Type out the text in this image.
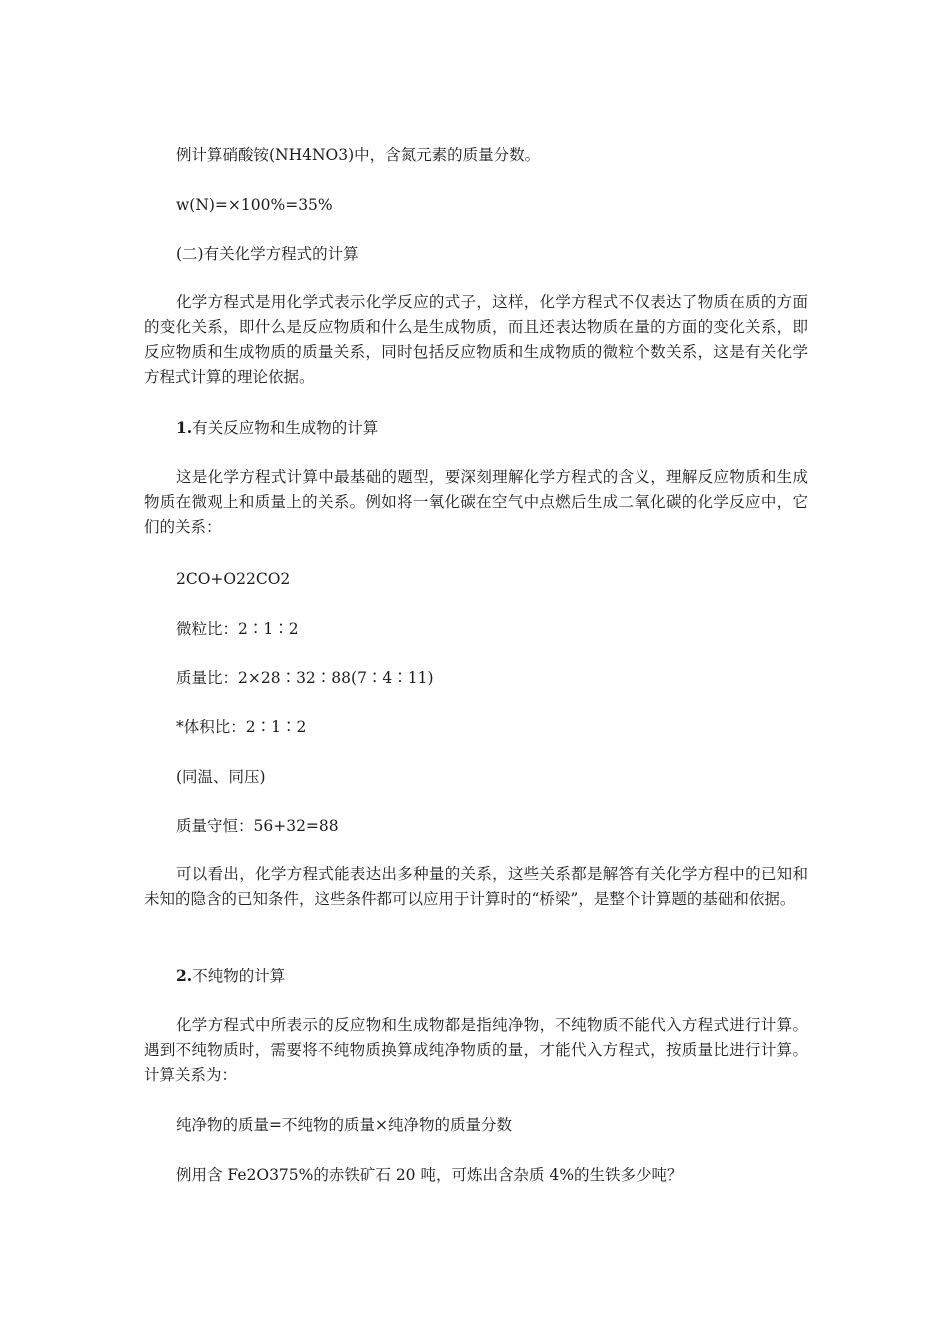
例计算硝酸铵(NH4NO3)中，含氮元素的质量分数。
w(N)=×100%=35%
(二)有关化学方程式的计算
化学方程式是用化学式表示化学反应的式子，这样，化学方程式不仅表达了物质在质的方面的变化关系，即什么是反应物质和什么是生成物质，而且还表达物质在量的方面的变化关系，即反应物质和生成物质的质量关系，同时包括反应物质和生成物质的微粒个数关系，这是有关化学方程式计算的理论依据。
1.有关反应物和生成物的计算
这是化学方程式计算中最基础的题型，要深刻理解化学方程式的含义，理解反应物质和生成物质在微观上和质量上的关系。例如将一氧化碳在空气中点燃后生成二氧化碳的化学反应中，它们的关系：
2CO+O22CO2
微粒比：2∶1∶2
质量比：2×28∶32∶88(7∶4∶11)
*体积比：2∶1∶2
(同温、同压)
质量守恒：56+32=88
可以看出，化学方程式能表达出多种量的关系，这些关系都是解答有关化学方程中的已知和未知的隐含的已知条件，这些条件都可以应用于计算时的“桥梁”，是整个计算题的基础和依据。
2.不纯物的计算
化学方程式中所表示的反应物和生成物都是指纯净物，不纯物质不能代入方程式进行计算。遇到不纯物质时，需要将不纯物质换算成纯净物质的量，才能代入方程式，按质量比进行计算。计算关系为：
纯净物的质量=不纯物的质量×纯净物的质量分数
例用含 Fe2O375%的赤铁矿石 20 吨，可炼出含杂质 4%的生铁多少吨？
